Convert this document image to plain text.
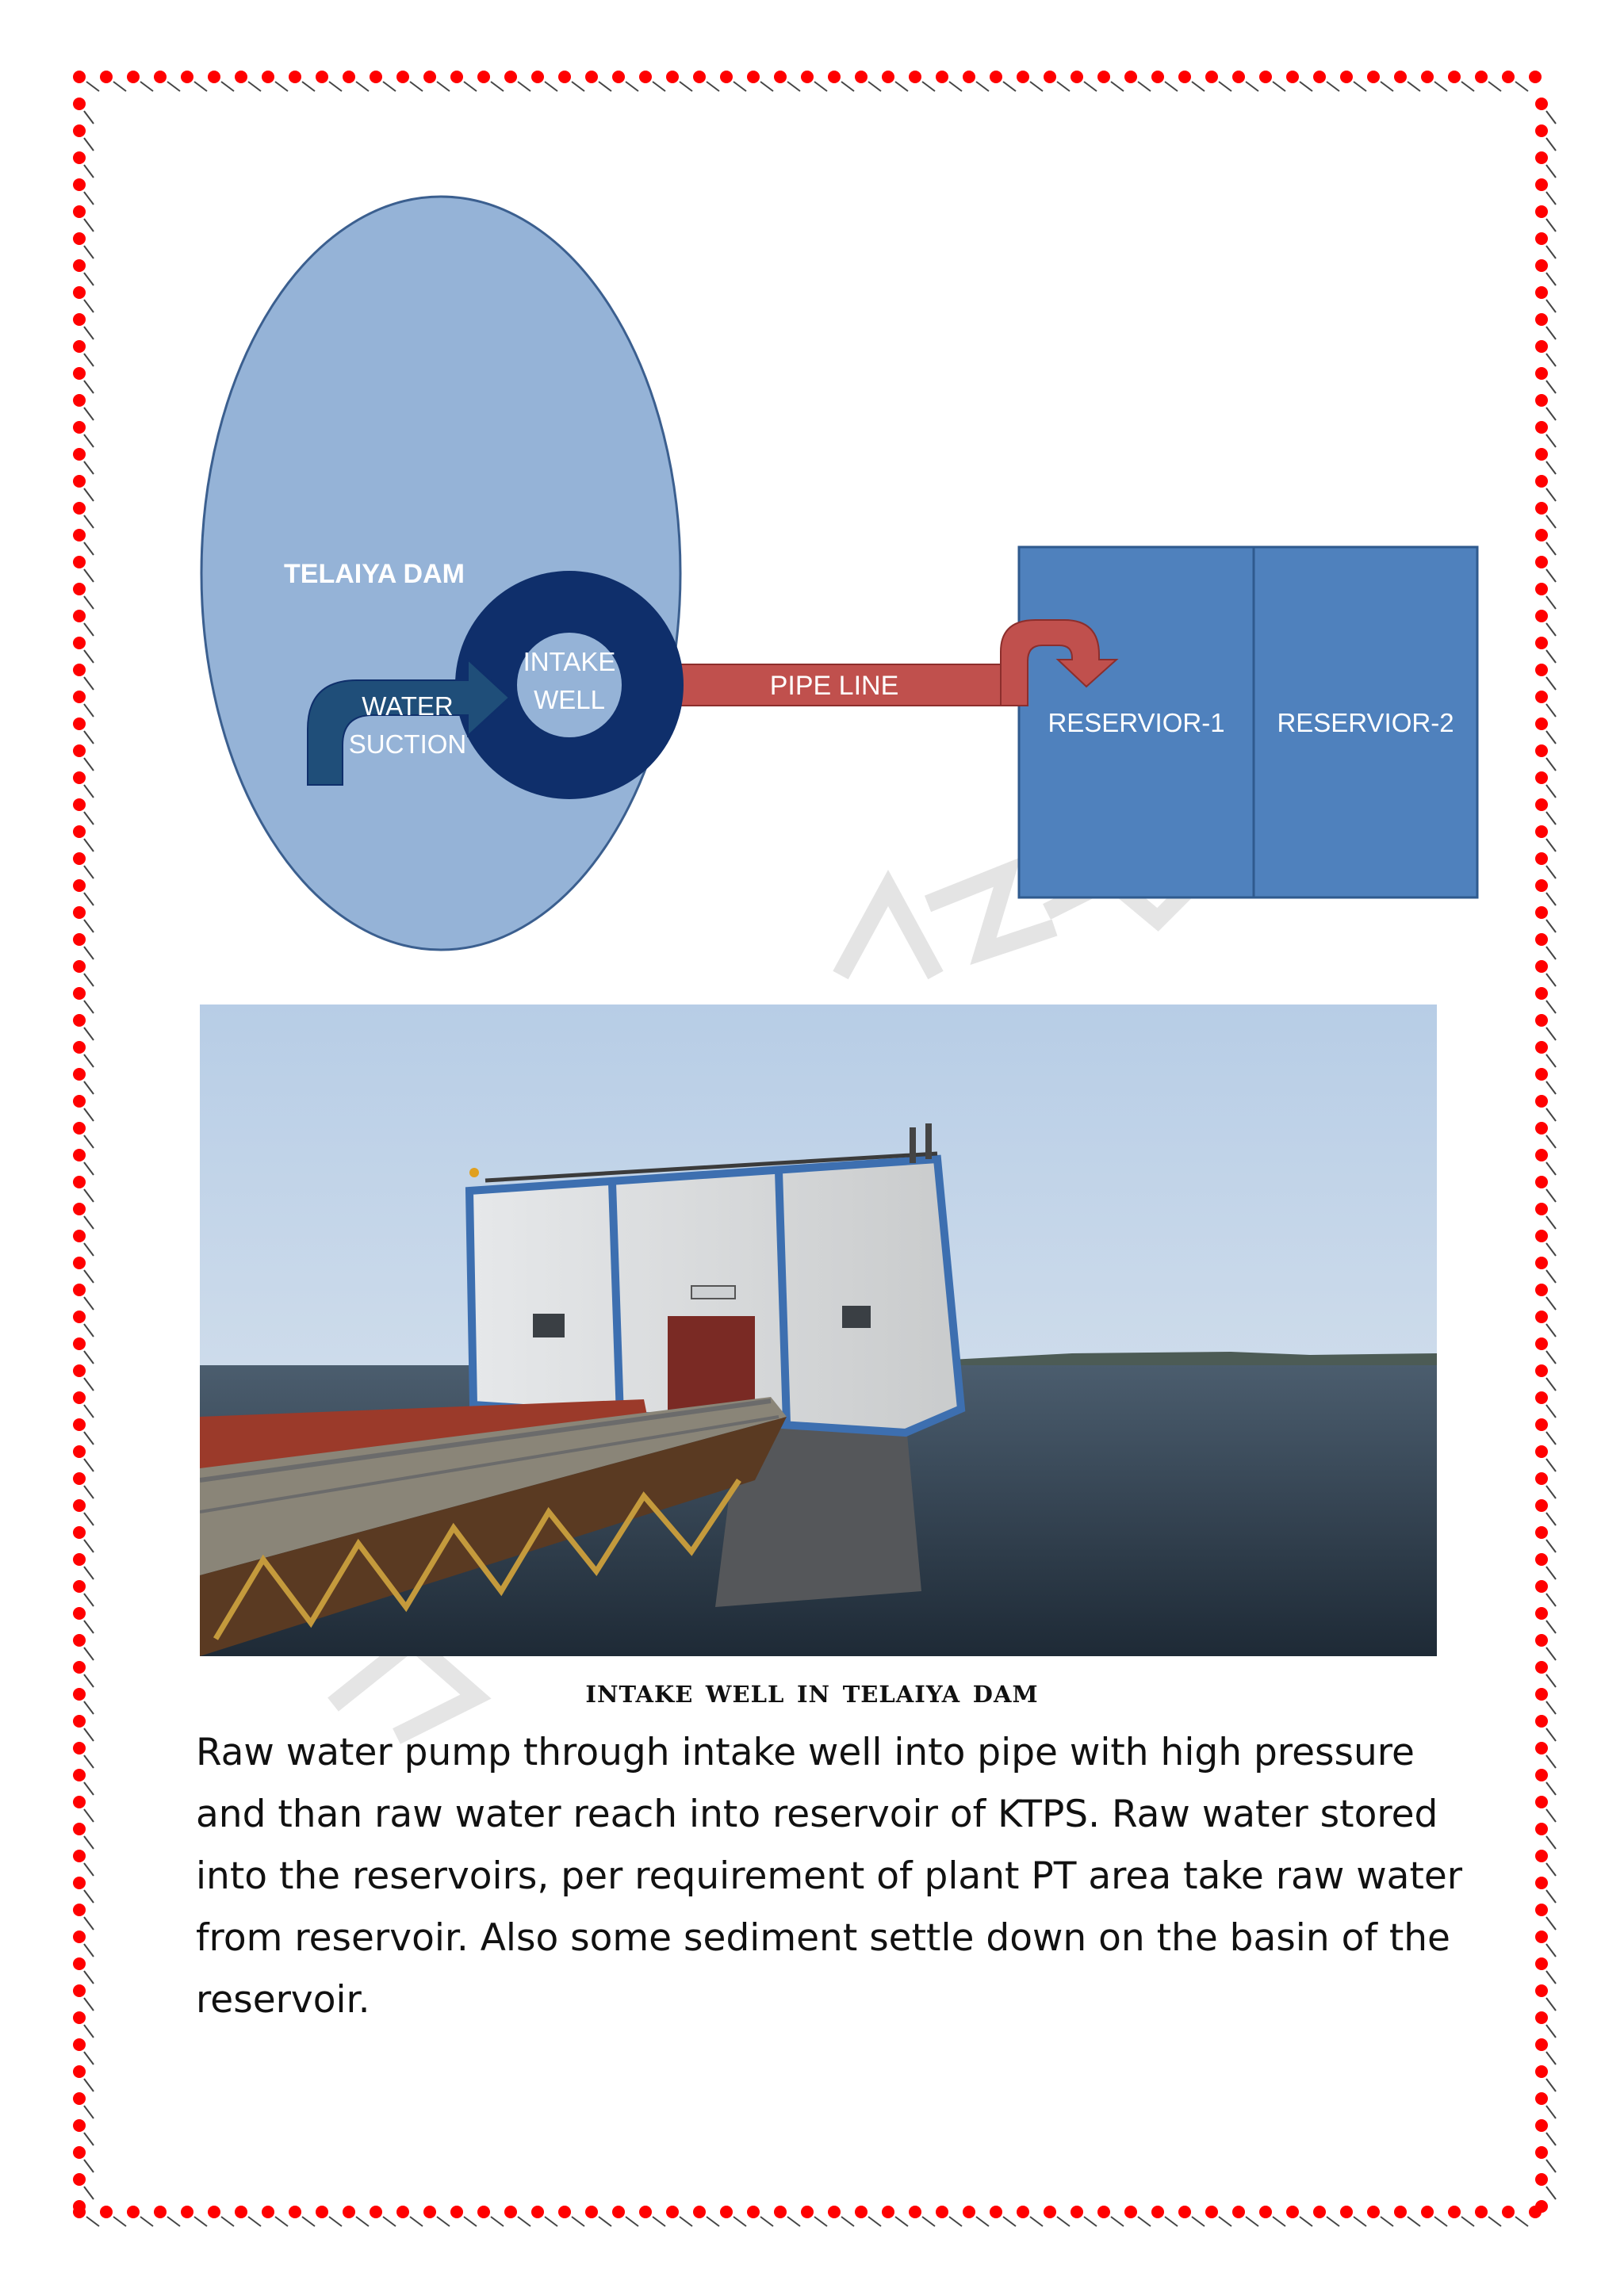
TELAIYA DAM
PIPE LINE
INTAKE
WELL
WATER
SUCTION
RESERVIOR-1 RESERVIOR-2
intake well in telaiya dam
Raw water pump through intake well into pipe with high pressure
and than raw water reach into reservoir of KTPS. Raw water stored
into the reservoirs, per requirement of plant PT area take raw water
from reservoir. Also some sediment settle down on the basin of the
reservoir.
